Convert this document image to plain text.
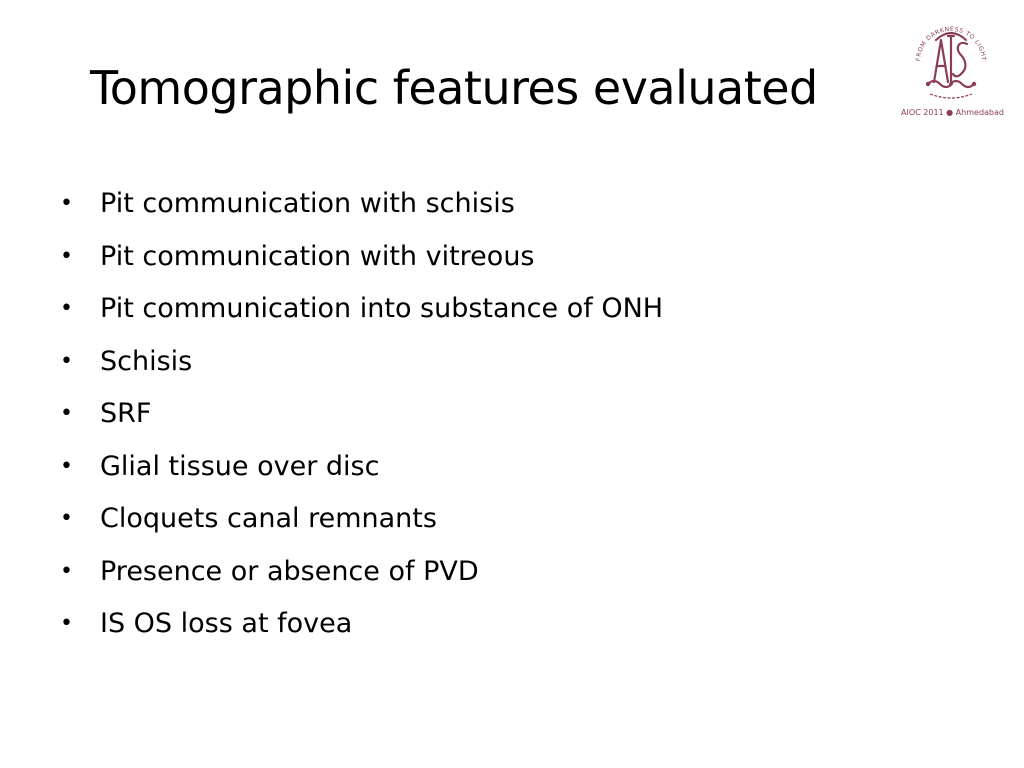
Tomographic features evaluated
FROM DARKNESS TO LIGHT
AIOC 2011 ● Ahmedabad
• Pit communication with schisis
• Pit communication with vitreous
• Pit communication into substance of ONH
• Schisis
• SRF
• Glial tissue over disc
• Cloquets canal remnants
• Presence or absence of PVD
• IS OS loss at fovea
